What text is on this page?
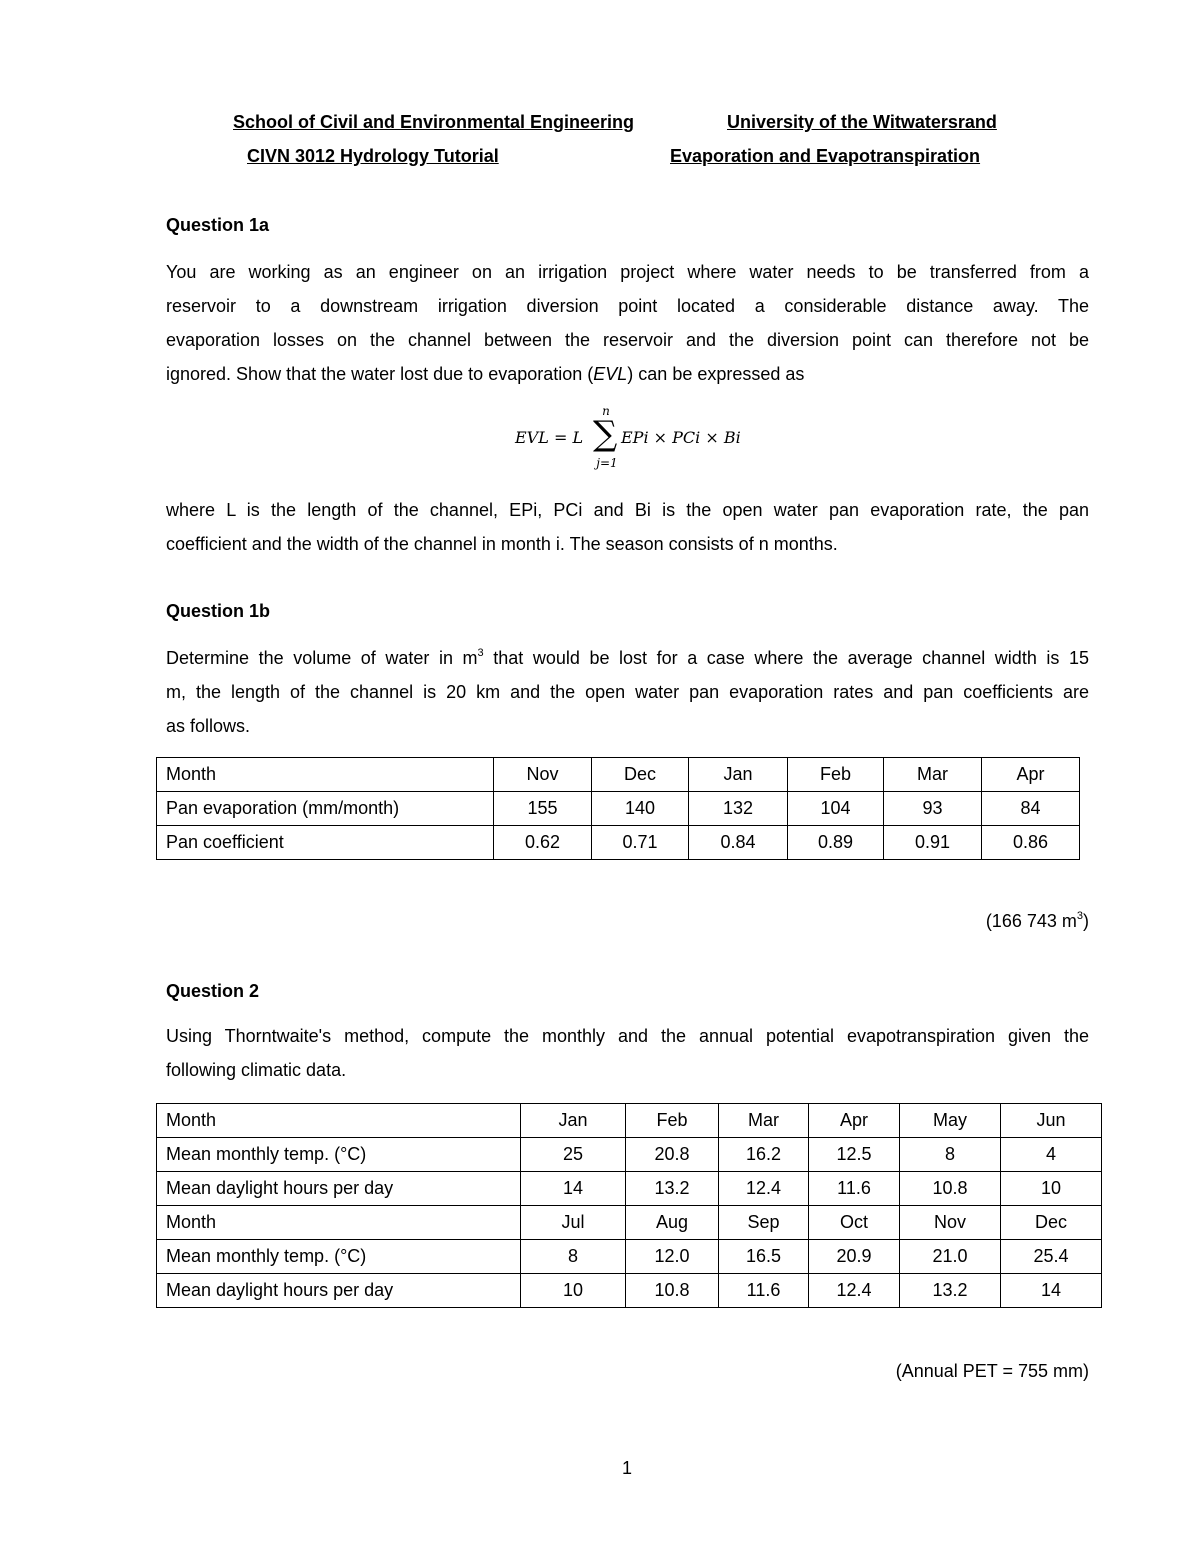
School of Civil and Environmental Engineering	University of the Witwatersrand
CIVN 3012 Hydrology Tutorial	Evaporation and Evapotranspiration
Question 1a
You are working as an engineer on an irrigation project where water needs to be transferred from a
reservoir to a downstream irrigation diversion point located a considerable distance away. The
evaporation losses on the channel between the reservoir and the diversion point can therefore not be
ignored. Show that the water lost due to evaporation (EVL) can be expressed as
EVL = L
n
∑
j=1
EPi × PCi × Bi
where L is the length of the channel, EPi, PCi and Bi is the open water pan evaporation rate, the pan
coefficient and the width of the channel in month i. The season consists of n months.
Question 1b
Determine the volume of water in $m^3$ that would be lost for a case where the average channel width is 15
m, the length of the channel is 20 km and the open water pan evaporation rates and pan coefficients are
as follows.
Month	Nov	Dec	Jan	Feb	Mar	Apr
Pan evaporation (mm/month)	155	140	132	104	93	84
Pan coefficient	0.62	0.71	0.84	0.89	0.91	0.86
(166 743 $m^3$)
Question 2
Using Thorntwaite's method, compute the monthly and the annual potential evapotranspiration given the
following climatic data.
Month	Jan	Feb	Mar	Apr	May	Jun
Mean monthly temp. (°C)	25	20.8	16.2	12.5	8	4
Mean daylight hours per day	14	13.2	12.4	11.6	10.8	10
Month	Jul	Aug	Sep	Oct	Nov	Dec
Mean monthly temp. (°C)	8	12.0	16.5	20.9	21.0	25.4
Mean daylight hours per day	10	10.8	11.6	12.4	13.2	14
(Annual PET = 755 mm)
1
